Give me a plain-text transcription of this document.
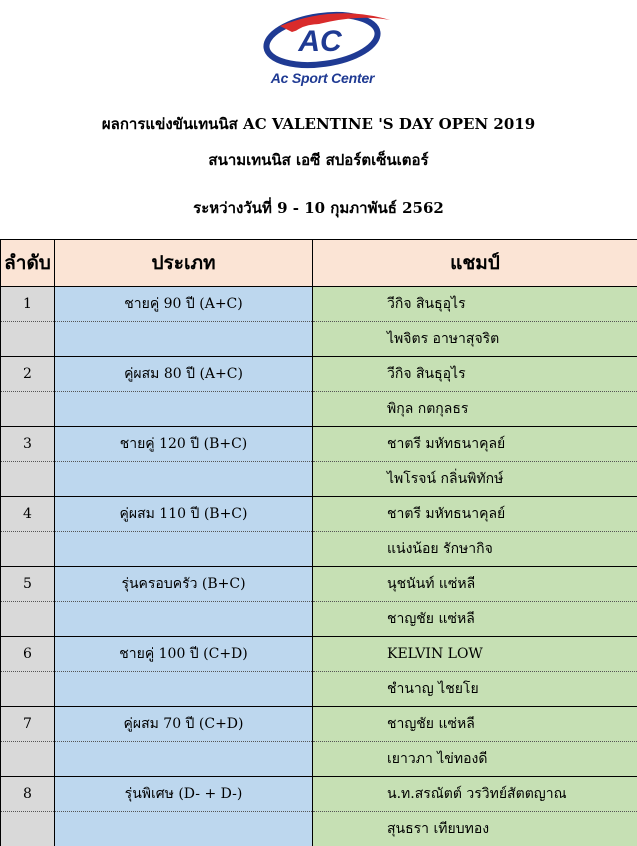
AC
Ac Sport Center
ผลการแข่งขันเทนนิส AC VALENTINE 'S DAY OPEN 2019
สนามเทนนิส เอซี สปอร์ตเซ็นเตอร์
ระหว่างวันที่ 9 - 10 กุมภาพันธ์ 2562
ลำดับ	ประเภท	แชมป์
1	ชายคู่ 90 ปี (A+C)	วีกิจ สินธุอุไร
		ไพจิตร อาษาสุจริต
2	คู่ผสม 80 ปี (A+C)	วีกิจ สินธุอุไร
		พิกุล กตกุลธร
3	ชายคู่ 120 ปี (B+C)	ชาตรี มหัทธนาคุลย์
		ไพโรจน์ กลิ่นพิทักษ์
4	คู่ผสม 110 ปี (B+C)	ชาตรี มหัทธนาคุลย์
		แน่งน้อย รักษากิจ
5	รุ่นครอบครัว (B+C)	นุชนันท์ แซ่หลี
		ชาญชัย แซ่หลี
6	ชายคู่ 100 ปี (C+D)	KELVIN LOW
		ชำนาญ ไชยโย
7	คู่ผสม 70 ปี (C+D)	ชาญชัย แซ่หลี
		เยาวภา ไข่ทองดี
8	รุ่นพิเศษ (D- + D-)	น.ท.สรณัตต์ วรวิทย์สัตตญาณ
		สุนธรา เทียบทอง
